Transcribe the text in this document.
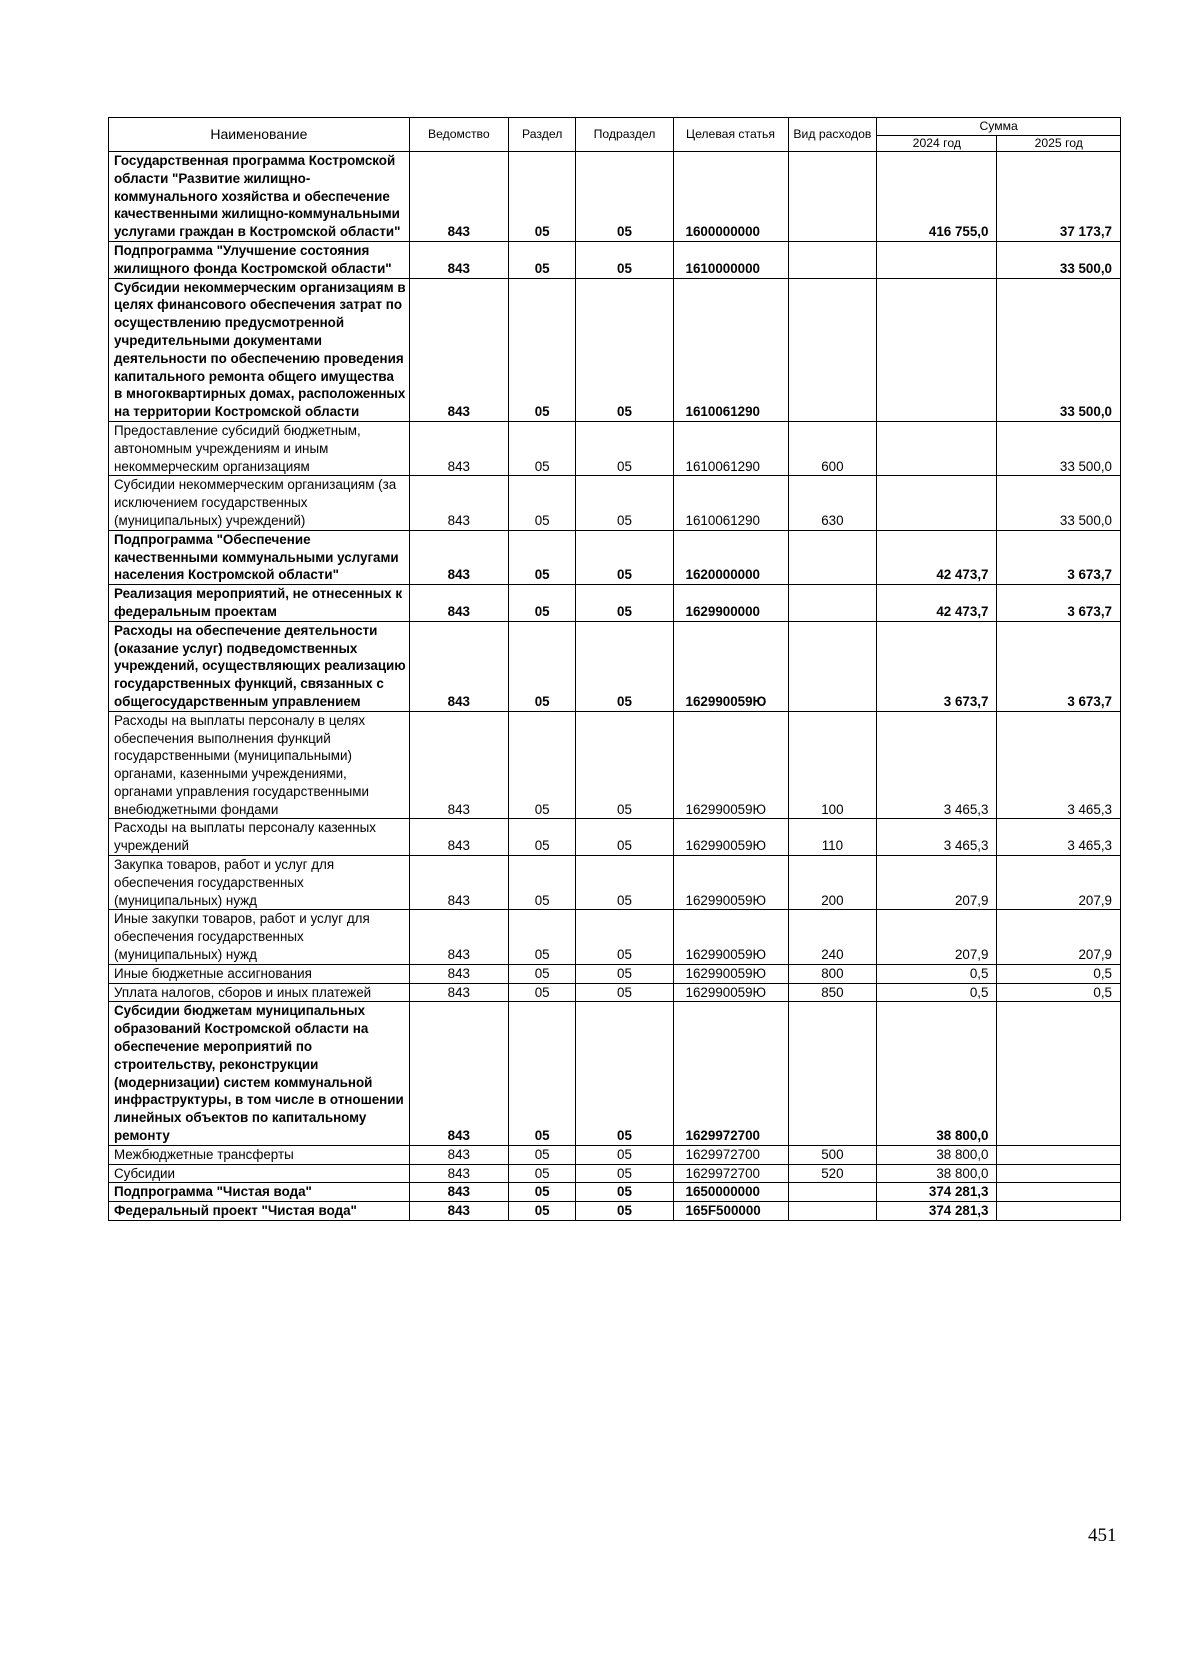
Наименование	Ведомство	Раздел	Подраздел	Целевая статья	Вид расходов	Сумма	
						2024 год	2025 год
Государственная программа Костромской области "Развитие жилищно-коммунального хозяйства и обеспечение качественными жилищно-коммунальными услугами граждан в Костромской области"	843	05	05	1600000000		416 755,0	37 173,7
Подпрограмма "Улучшение состояния жилищного фонда Костромской области"	843	05	05	1610000000			33 500,0
Субсидии некоммерческим организациям в целях финансового обеспечения затрат по осуществлению предусмотренной учредительными документами деятельности по обеспечению проведения капитального ремонта общего имущества в многоквартирных домах, расположенных на территории Костромской области	843	05	05	1610061290			33 500,0
Предоставление субсидий бюджетным, автономным учреждениям и иным некоммерческим организациям	843	05	05	1610061290	600		33 500,0
Субсидии некоммерческим организациям (за исключением государственных (муниципальных) учреждений)	843	05	05	1610061290	630		33 500,0
Подпрограмма "Обеспечение качественными коммунальными услугами населения Костромской области"	843	05	05	1620000000		42 473,7	3 673,7
Реализация мероприятий, не отнесенных к федеральным проектам	843	05	05	1629900000		42 473,7	3 673,7
Расходы на обеспечение деятельности (оказание услуг) подведомственных учреждений, осуществляющих реализацию государственных функций, связанных с общегосударственным управлением	843	05	05	162990059Ю		3 673,7	3 673,7
Расходы на выплаты персоналу в целях обеспечения выполнения функций государственными (муниципальными) органами, казенными учреждениями, органами управления государственными внебюджетными фондами	843	05	05	162990059Ю	100	3 465,3	3 465,3
Расходы на выплаты персоналу казенных учреждений	843	05	05	162990059Ю	110	3 465,3	3 465,3
Закупка товаров, работ и услуг для обеспечения государственных (муниципальных) нужд	843	05	05	162990059Ю	200	207,9	207,9
Иные закупки товаров, работ и услуг для обеспечения государственных (муниципальных) нужд	843	05	05	162990059Ю	240	207,9	207,9
Иные бюджетные ассигнования	843	05	05	162990059Ю	800	0,5	0,5
Уплата налогов, сборов и иных платежей	843	05	05	162990059Ю	850	0,5	0,5
Субсидии бюджетам муниципальных образований Костромской области на обеспечение мероприятий по строительству, реконструкции (модернизации) систем коммунальной инфраструктуры, в том числе в отношении линейных объектов по капитальному ремонту	843	05	05	1629972700		38 800,0	
Межбюджетные трансферты	843	05	05	1629972700	500	38 800,0	
Субсидии	843	05	05	1629972700	520	38 800,0	
Подпрограмма "Чистая вода"	843	05	05	1650000000		374 281,3	
Федеральный проект "Чистая вода"	843	05	05	165F500000		374 281,3	
451
